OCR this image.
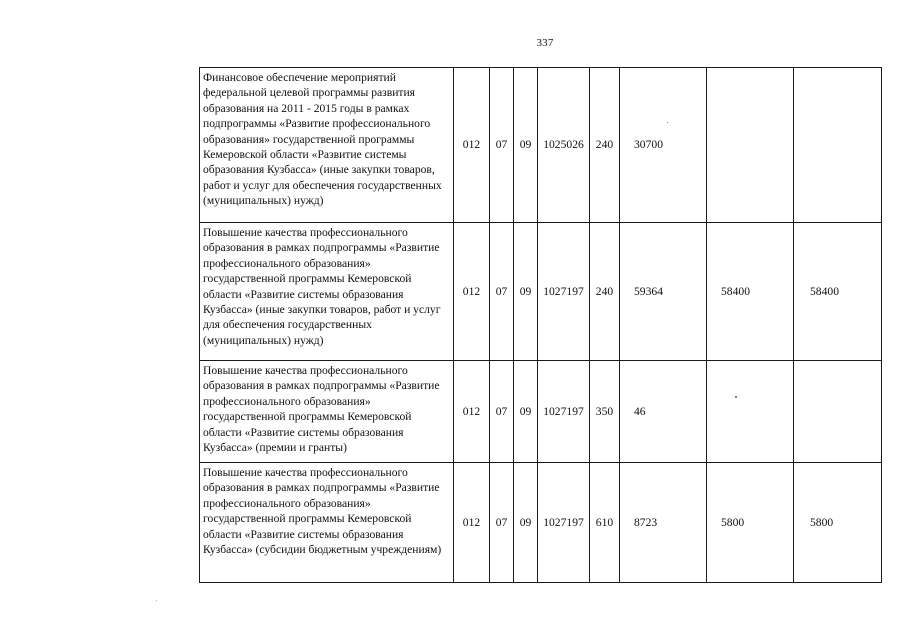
337
Финансовое обеспечение мероприятий федеральной целевой программы развития образования на 2011 - 2015 годы в рамках подпрограммы «Развитие профессионального образования» государственной программы Кемеровской области «Развитие системы образования Кузбасса» (иные закупки товаров, работ и услуг для обеспечения государственных (муниципальных) нужд)	012	07	09	1025026	240	30700		
Повышение качества профессионального образования в рамках подпрограммы «Развитие профессионального образования» государственной программы Кемеровской области «Развитие системы образования Кузбасса» (иные закупки товаров, работ и услуг для обеспечения государственных (муниципальных) нужд)	012	07	09	1027197	240	59364	58400	58400
Повышение качества профессионального образования в рамках подпрограммы «Развитие профессионального образования» государственной программы Кемеровской области «Развитие системы образования Кузбасса» (премии и гранты)	012	07	09	1027197	350	46		
Повышение качества профессионального образования в рамках подпрограммы «Развитие профессионального образования» государственной программы Кемеровской области «Развитие системы образования Кузбасса» (субсидии бюджетным учреждениям)	012	07	09	1027197	610	8723	5800	5800
